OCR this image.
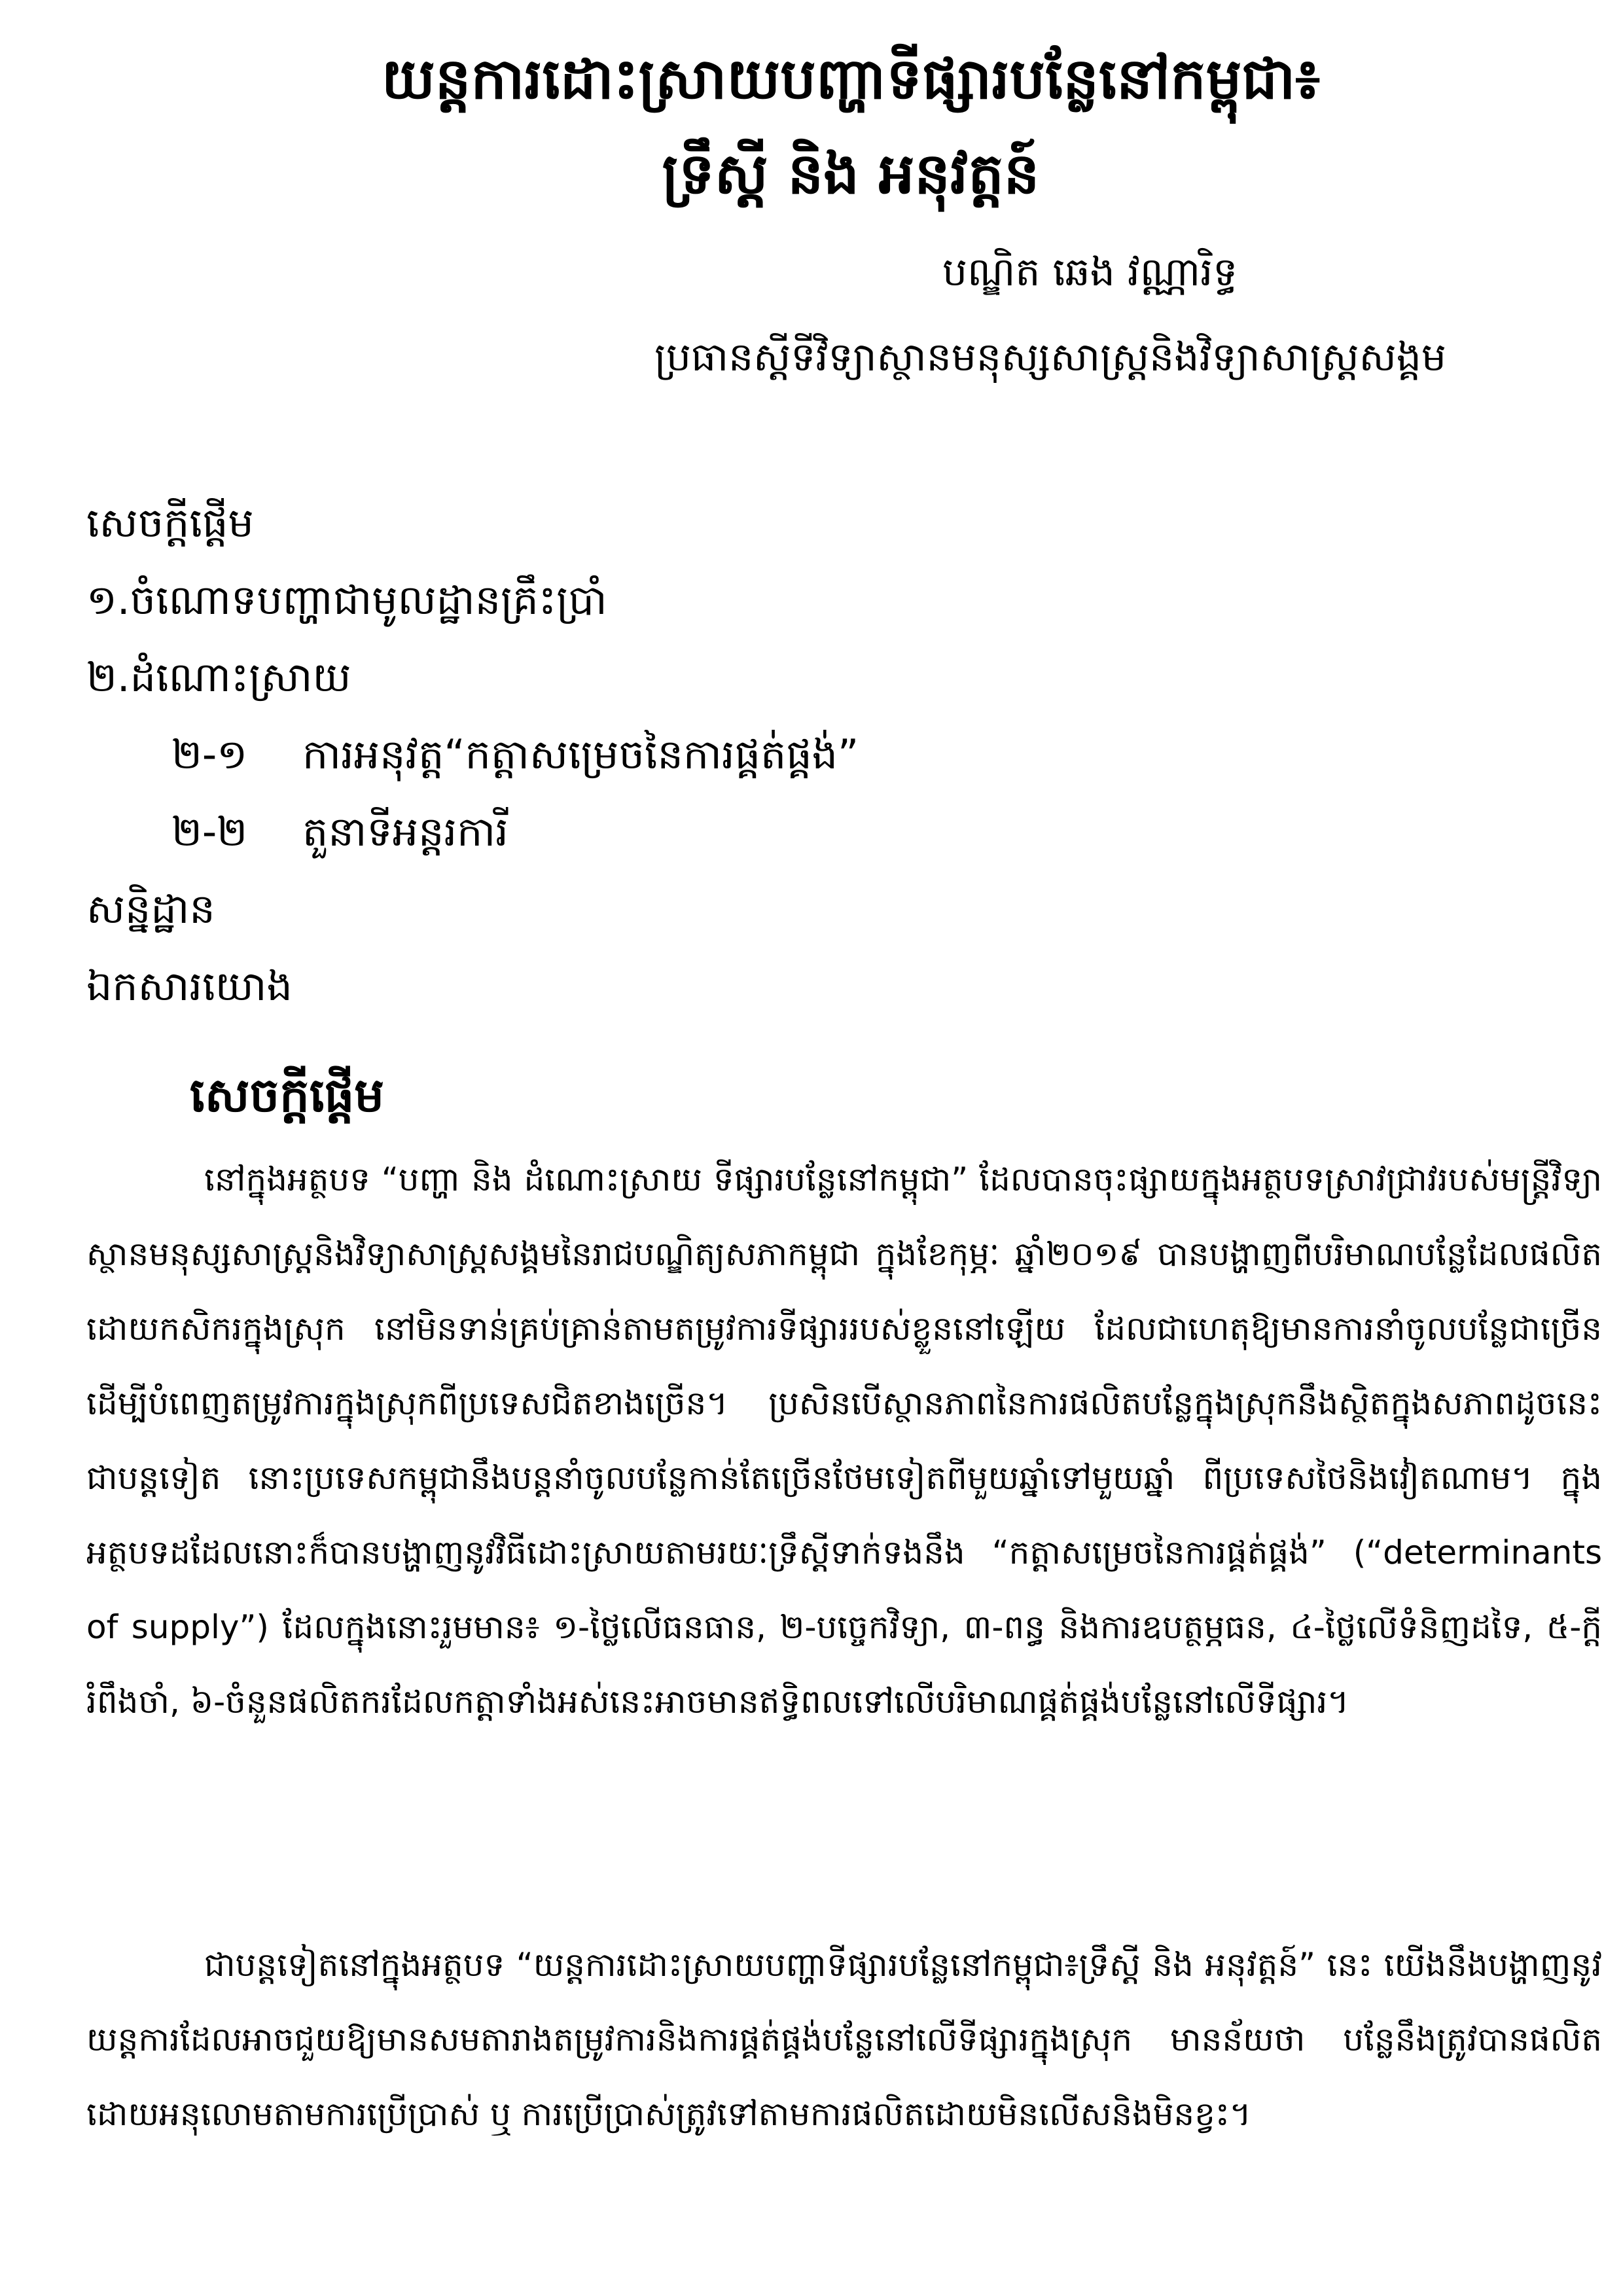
យន្តការដោះស្រាយបញ្ហាទីផ្សារបន្លែនៅកម្ពុជា៖
ទ្រឹស្តី និង អនុវត្តន៍
បណ្ឌិត ឆេង វណ្ណារិទ្ធ
ប្រធានស្តីទីវិទ្យាស្ថានមនុស្សសាស្ត្រនិងវិទ្យាសាស្ត្រសង្គម
សេចក្តីផ្តើម
១.ចំណោទបញ្ហាជាមូលដ្ឋានគ្រឹះប្រាំ
២.ដំណោះស្រាយ
២-១ ការអនុវត្ត“កត្តាសម្រេចនៃការផ្គត់ផ្គង់”
២-២ តួនាទីអន្តរការី
សន្និដ្ឋាន
ឯកសារយោង
សេចក្តីផ្តើម

នៅក្នុងអត្ថបទ “បញ្ហា និង ដំណោះស្រាយ ទីផ្សារបន្លែនៅកម្ពុជា” ដែលបានចុះផ្សាយក្នុងអត្ថបទស្រាវជ្រាវរបស់មន្ត្រីវិទ្យាស្ថានមនុស្សសាស្ត្រនិងវិទ្យាសាស្ត្រសង្គមនៃរាជបណ្ឌិត្យសភាកម្ពុជា ក្នុងខែកុម្ភៈ ឆ្នាំ២០១៩ បានបង្ហាញពីបរិមាណបន្លែដែលផលិតដោយកសិករក្នុងស្រុក នៅមិនទាន់គ្រប់គ្រាន់តាមតម្រូវការទីផ្សាររបស់ខ្លួននៅឡើយ ដែលជាហេតុឱ្យមានការនាំចូលបន្លែជាច្រើនដើម្បីបំពេញតម្រូវការក្នុងស្រុកពីប្រទេសជិតខាងច្រើន។ ប្រសិនបើស្ថានភាពនៃការផលិតបន្លែក្នុងស្រុកនឹងស្ថិតក្នុងសភាពដូចនេះជាបន្តទៀត នោះប្រទេសកម្ពុជានឹងបន្តនាំចូលបន្លែកាន់តែច្រើនថែមទៀតពីមួយឆ្នាំទៅមួយឆ្នាំ ពីប្រទេសថៃនិងវៀតណាម។ ក្នុងអត្ថបទដដែលនោះក៏បានបង្ហាញនូវវិធីដោះស្រាយតាមរយៈទ្រឹស្តីទាក់ទងនឹង “កត្តាសម្រេចនៃការផ្គត់ផ្គង់” (“determinants of supply”) ដែលក្នុងនោះរួមមាន៖ ១-ថ្លៃលើធនធាន, ២-បច្ចេកវិទ្យា, ៣-ពន្ធ និងការឧបត្ថម្ភធន, ៤-ថ្លៃលើទំនិញដទៃ, ៥-ក្តីរំពឹងចាំ, ៦-ចំនួនផលិតករដែលកត្តាទាំងអស់នេះអាចមានឥទ្ធិពលទៅលើបរិមាណផ្គត់ផ្គង់បន្លែនៅលើទីផ្សារ។

ជាបន្តទៀតនៅក្នុងអត្ថបទ “យន្តការដោះស្រាយបញ្ហាទីផ្សារបន្លែនៅកម្ពុជា៖ទ្រឹស្តី និង អនុវត្តន៍” នេះ យើងនឹងបង្ហាញនូវយន្តការដែលអាចជួយឱ្យមានសមតារាងតម្រូវការនិងការផ្គត់ផ្គង់បន្លែនៅលើទីផ្សារក្នុងស្រុក មានន័យថា បន្លែនឹងត្រូវបានផលិតដោយអនុលោមតាមការប្រើប្រាស់ ឬ ការប្រើប្រាស់ត្រូវទៅតាមការផលិតដោយមិនលើសនិងមិនខ្វះ។
